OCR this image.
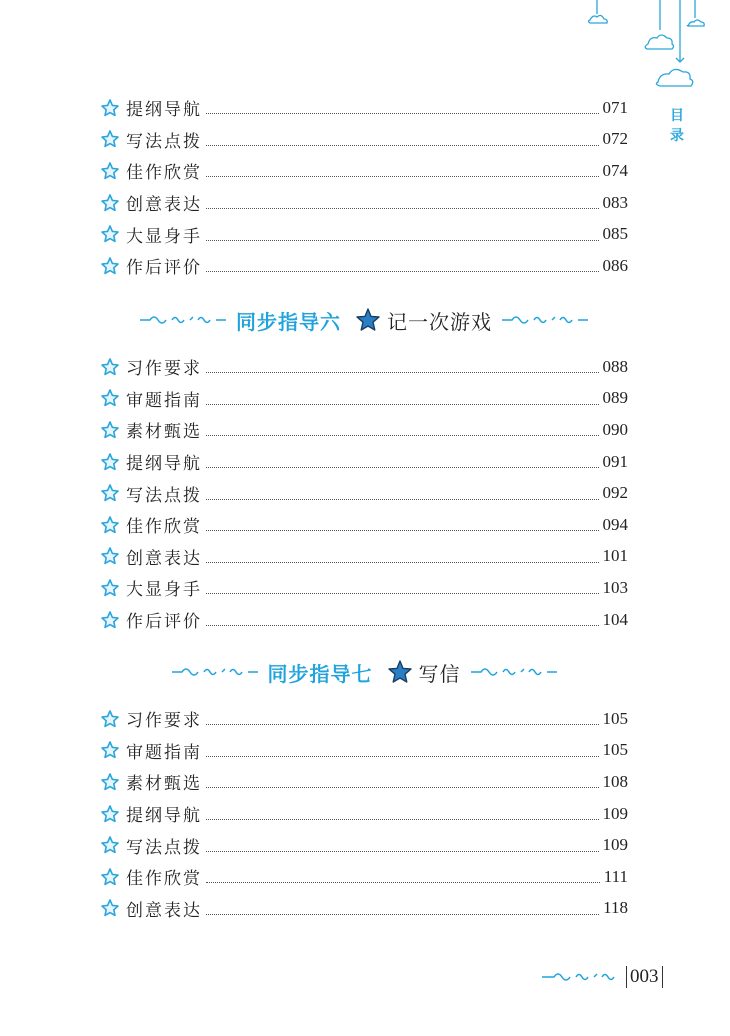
目
录
提纲导航	071
写法点拨	072
佳作欣赏	074
创意表达	083
大显身手	085
作后评价	086
同步指导六 记一次游戏
习作要求	088
审题指南	089
素材甄选	090
提纲导航	091
写法点拨	092
佳作欣赏	094
创意表达	101
大显身手	103
作后评价	104
同步指导七 写信
习作要求	105
审题指南	105
素材甄选	108
提纲导航	109
写法点拨	109
佳作欣赏	111
创意表达	118
003
